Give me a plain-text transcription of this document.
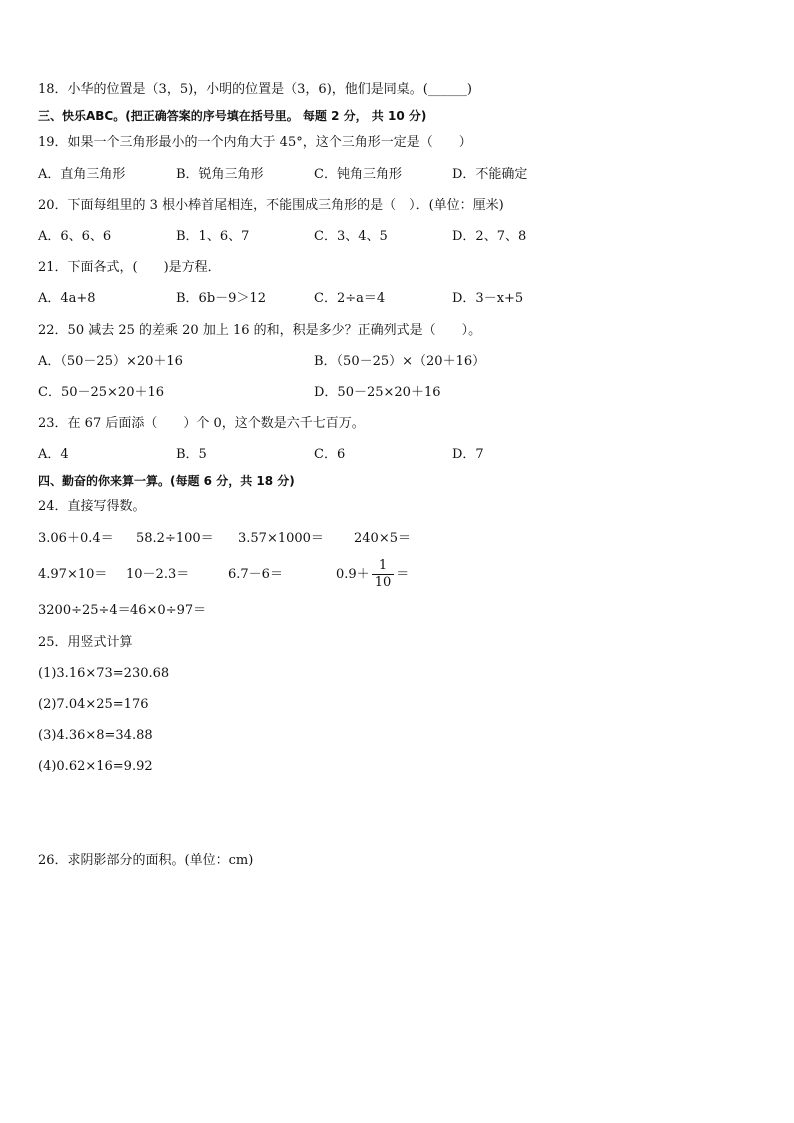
18．小华的位置是（3，5)，小明的位置是（3，6)，他们是同桌。(______)
三、快乐ABC。(把正确答案的序号填在括号里。 每题 2 分， 共 10 分)
19．如果一个三角形最小的一个内角大于 45°，这个三角形一定是（　　）
A．直角三角形	B．锐角三角形	C．钝角三角形	D．不能确定
20．下面每组里的 3 根小棒首尾相连，不能围成三角形的是（　）．(单位：厘米)
A．6、6、6	B．1、6、7	C．3、4、5	D．2、7、8
21．下面各式，(　　)是方程．
A．4a+8	B．6b－9＞12	C．2÷a＝4	D．3－x+5
22．50 减去 25 的差乘 20 加上 16 的和，积是多少？正确列式是（　　）。
A．（50－25）×20＋16	B．（50－25）×（20＋16）
C．50－25×20＋16	D．50－25×20＋16
23．在 67 后面添（　　）个 0，这个数是六千七百万。
A．4	B．5	C．6	D．7
四、勤奋的你来算一算。(每题 6 分，共 18 分)
24．直接写得数。
3.06＋0.4＝ 58.2÷100＝ 3.57×1000＝ 240×5＝
4.97×10＝ 10－2.3＝	6.7－6＝	$0.9+ \frac{1}{10}$ ＝
3200÷25÷4＝ 46×0÷97＝
25．用竖式计算
(1)3.16×73=230.68
(2)7.04×25=176
(3)4.36×8=34.88
(4)0.62×16=9.92
26．求阴影部分的面积。(单位：cm)
